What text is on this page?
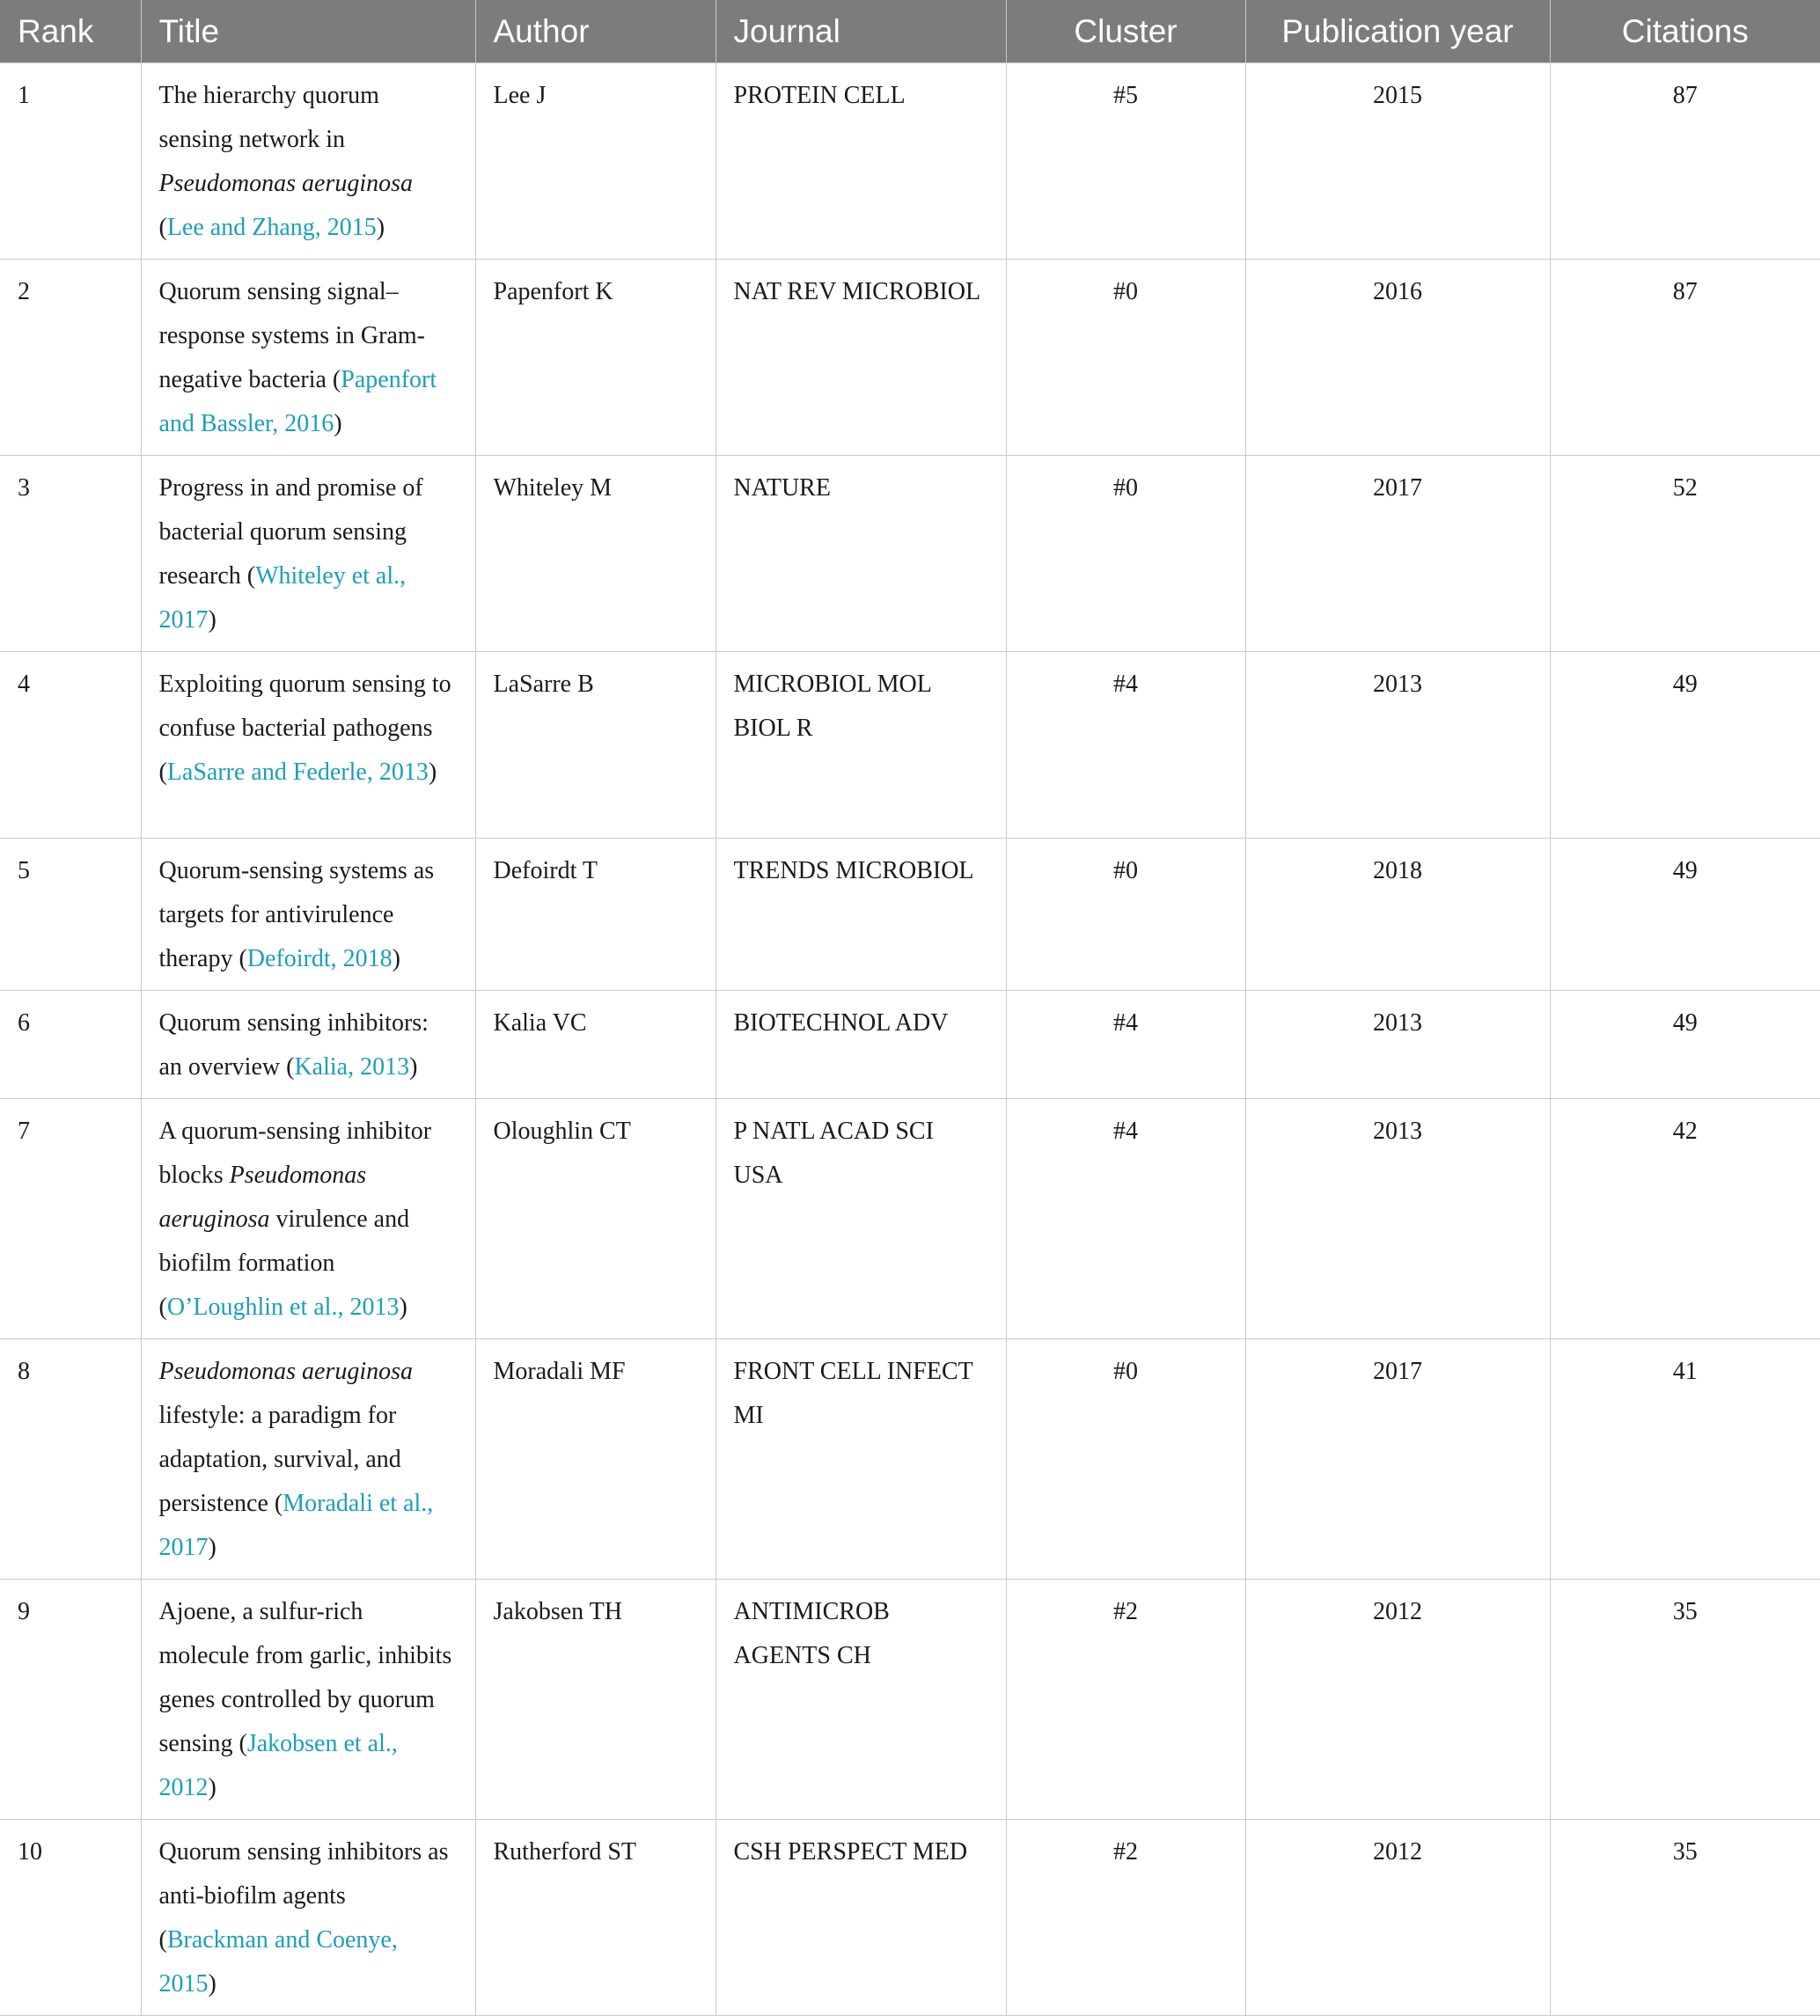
Rank	Title	Author	Journal	Cluster	Publication year	Citations
1	The hierarchy quorum sensing network in Pseudomonas aeruginosa (Lee and Zhang, 2015)	Lee J	PROTEIN CELL	#5	2015	87
2	Quorum sensing signal–response systems in Gram-negative bacteria (Papenfort and Bassler, 2016)	Papenfort K	NAT REV MICROBIOL	#0	2016	87
3	Progress in and promise of bacterial quorum sensing research (Whiteley et al., 2017)	Whiteley M	NATURE	#0	2017	52
4	Exploiting quorum sensing to confuse bacterial pathogens (LaSarre and Federle, 2013)	LaSarre B	MICROBIOL MOL BIOL R	#4	2013	49
5	Quorum-sensing systems as targets for antivirulence therapy (Defoirdt, 2018)	Defoirdt T	TRENDS MICROBIOL	#0	2018	49
6	Quorum sensing inhibitors: an overview (Kalia, 2013)	Kalia VC	BIOTECHNOL ADV	#4	2013	49
7	A quorum-sensing inhibitor blocks Pseudomonas aeruginosa virulence and biofilm formation (O’Loughlin et al., 2013)	Oloughlin CT	P NATL ACAD SCI USA	#4	2013	42
8	Pseudomonas aeruginosa lifestyle: a paradigm for adaptation, survival, and persistence (Moradali et al., 2017)	Moradali MF	FRONT CELL INFECT MI	#0	2017	41
9	Ajoene, a sulfur-rich molecule from garlic, inhibits genes controlled by quorum sensing (Jakobsen et al., 2012)	Jakobsen TH	ANTIMICROB AGENTS CH	#2	2012	35
10	Quorum sensing inhibitors as anti-biofilm agents (Brackman and Coenye, 2015)	Rutherford ST	CSH PERSPECT MED	#2	2012	35
